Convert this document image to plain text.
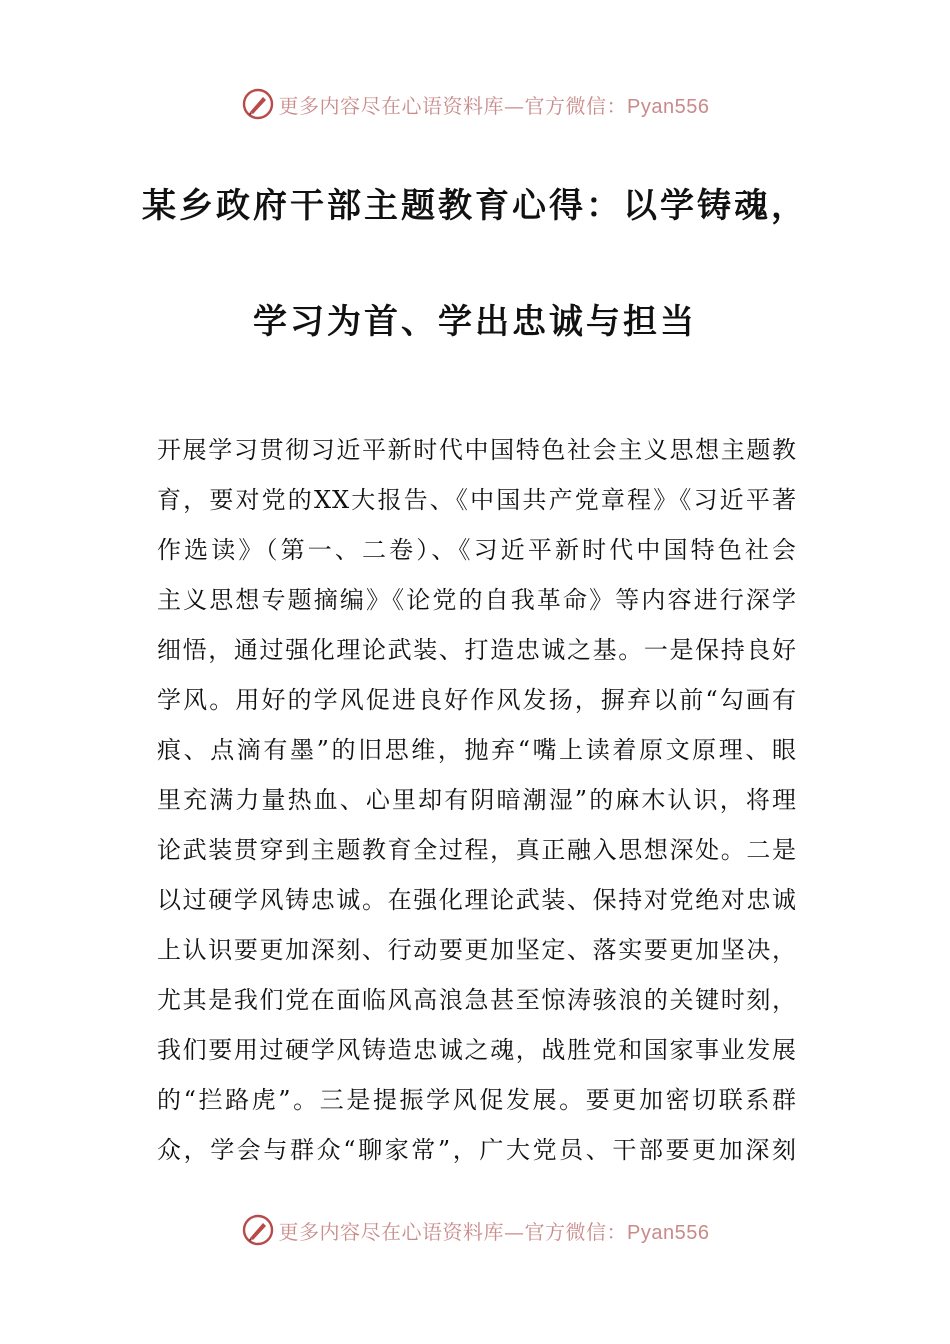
更多内容尽在心语资料库—官方微信：Pyan556
某乡政府干部主题教育心得：以学铸魂，
学习为首、学出忠诚与担当
开展学习贯彻习近平新时代中国特色社会主义思想主题教
育，要对党的XX大报告、《中国共产党章程》《习近平著
作选读》（第一、二卷）、《习近平新时代中国特色社会
主义思想专题摘编》《论党的自我革命》等内容进行深学
细悟，通过强化理论武装、打造忠诚之基。一是保持良好
学风。用好的学风促进良好作风发扬，摒弃以前“勾画有
痕、点滴有墨”的旧思维，抛弃“嘴上读着原文原理、眼
里充满力量热血、心里却有阴暗潮湿”的麻木认识，将理
论武装贯穿到主题教育全过程，真正融入思想深处。二是
以过硬学风铸忠诚。在强化理论武装、保持对党绝对忠诚
上认识要更加深刻、行动要更加坚定、落实要更加坚决，
尤其是我们党在面临风高浪急甚至惊涛骇浪的关键时刻，
我们要用过硬学风铸造忠诚之魂，战胜党和国家事业发展
的“拦路虎”。三是提振学风促发展。要更加密切联系群
众，学会与群众“聊家常”，广大党员、干部要更加深刻
更多内容尽在心语资料库—官方微信：Pyan556
